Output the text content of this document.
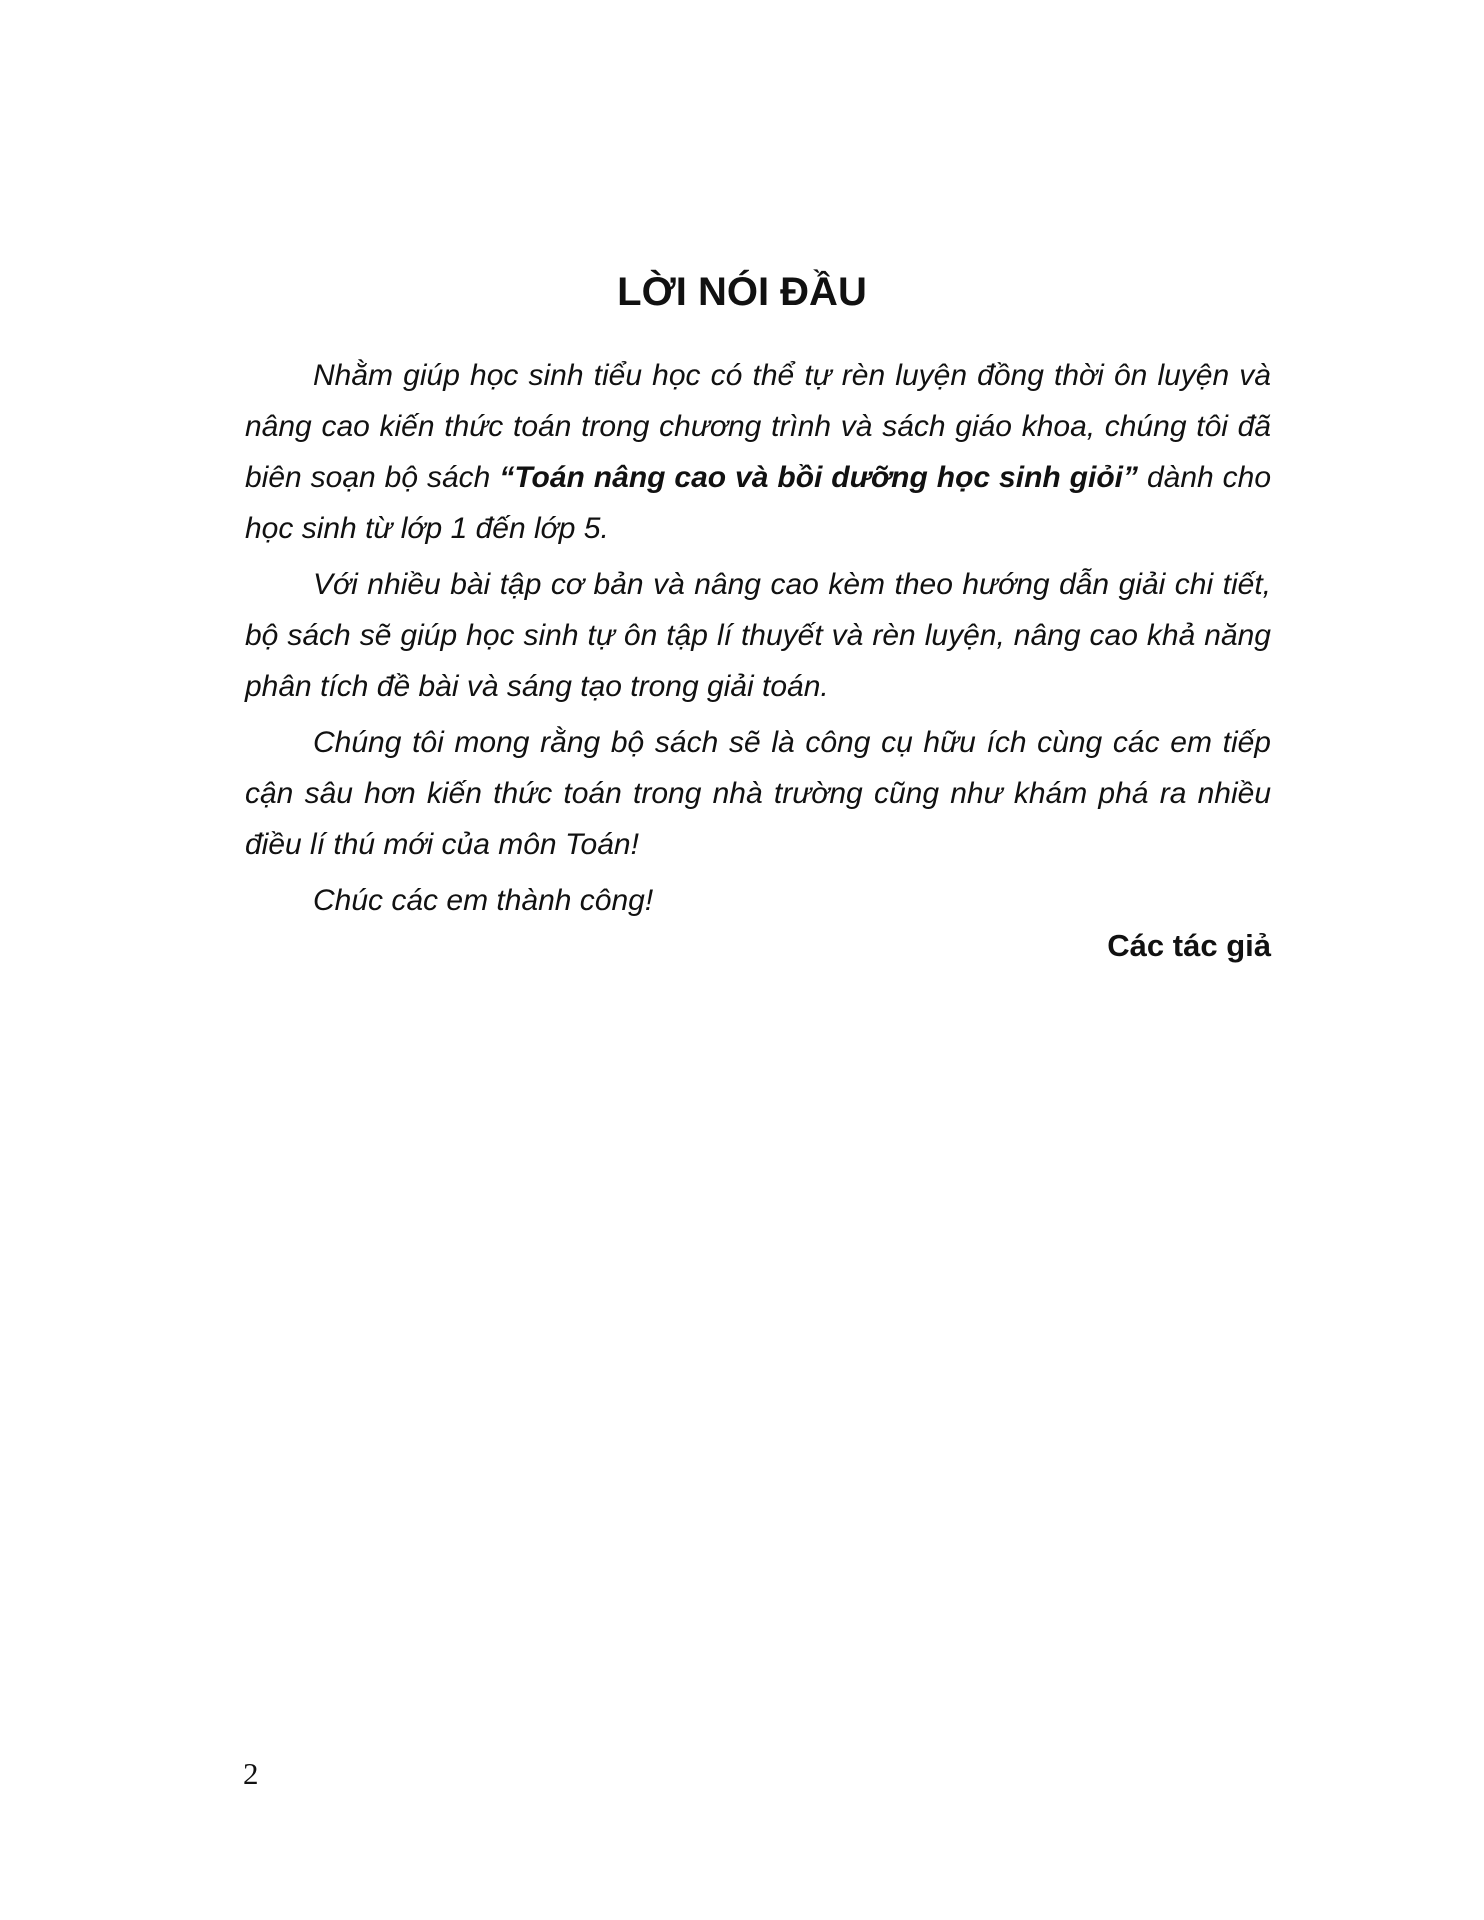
LỜI NÓI ĐẦU

Nhằm giúp học sinh tiểu học có thể tự rèn luyện đồng thời ôn luyện và nâng cao kiến thức toán trong chương trình và sách giáo khoa, chúng tôi đã biên soạn bộ sách “Toán nâng cao và bồi dưỡng học sinh giỏi” dành cho học sinh từ lớp 1 đến lớp 5.

Với nhiều bài tập cơ bản và nâng cao kèm theo hướng dẫn giải chi tiết, bộ sách sẽ giúp học sinh tự ôn tập lí thuyết và rèn luyện, nâng cao khả năng phân tích đề bài và sáng tạo trong giải toán.

Chúng tôi mong rằng bộ sách sẽ là công cụ hữu ích cùng các em tiếp cận sâu hơn kiến thức toán trong nhà trường cũng như khám phá ra nhiều điều lí thú mới của môn Toán!

Chúc các em thành công!

Các tác giả

2
